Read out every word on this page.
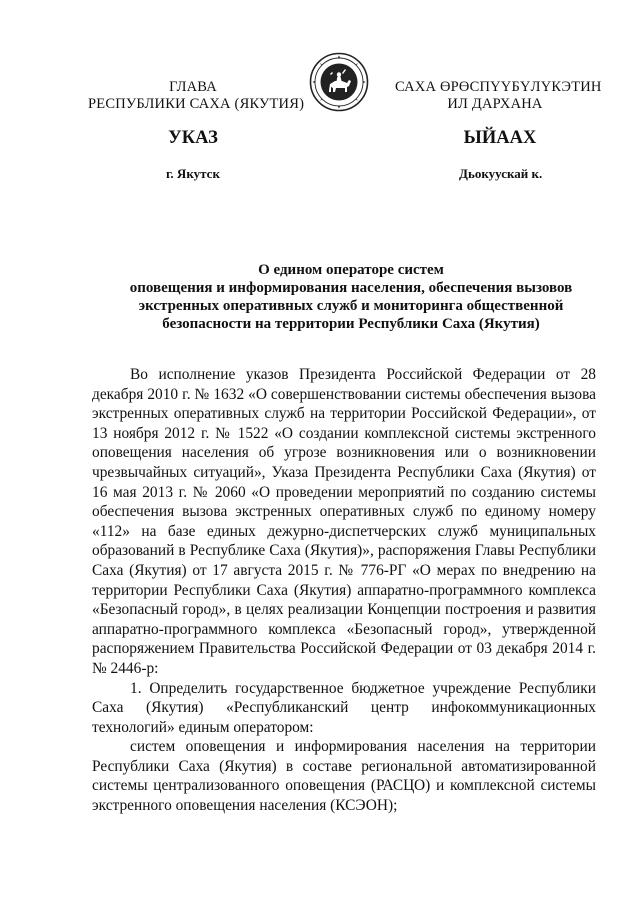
ГЛАВА
РЕСПУБЛИКИ САХА (ЯКУТИЯ)
САХА ӨРӨСПҮҮБҮЛҮКЭТИН
ИЛ ДАРХАНА
УКАЗ	ЫЙААХ
г. Якутск	Дьокуускай к.
О едином операторе систем
оповещения и информирования населения, обеспечения вызовов
экстренных оперативных служб и мониторинга общественной
безопасности на территории Республики Саха (Якутия)

Во исполнение указов Президента Российской Федерации от 28 декабря 2010 г. № 1632 «О совершенствовании системы обеспечения вызова экстренных оперативных служб на территории Российской Федерации», от 13 ноября 2012 г. № 1522 «О создании комплексной системы экстренного оповещения населения об угрозе возникновения или о возникновении чрезвычайных ситуаций», Указа Президента Республики Саха (Якутия) от 16 мая 2013 г. № 2060 «О проведении мероприятий по созданию системы обеспечения вызова экстренных оперативных служб по единому номеру «112» на базе единых дежурно-диспетчерских служб муниципальных образований в Республике Саха (Якутия)», распоряжения Главы Республики Саха (Якутия) от 17 августа 2015 г. № 776-РГ «О мерах по внедрению на территории Республики Саха (Якутия) аппаратно-программного комплекса «Безопасный город», в целях реализации Концепции построения и развития аппаратно-программного комплекса «Безопасный город», утвержденной распоряжением Правительства Российской Федерации от 03 декабря 2014 г. № 2446-р:

1. Определить государственное бюджетное учреждение Республики Саха (Якутия) «Республиканский центр инфокоммуникационных технологий» единым оператором:

систем оповещения и информирования населения на территории Республики Саха (Якутия) в составе региональной автоматизированной системы централизованного оповещения (РАСЦО) и комплексной системы экстренного оповещения населения (КСЭОН);
